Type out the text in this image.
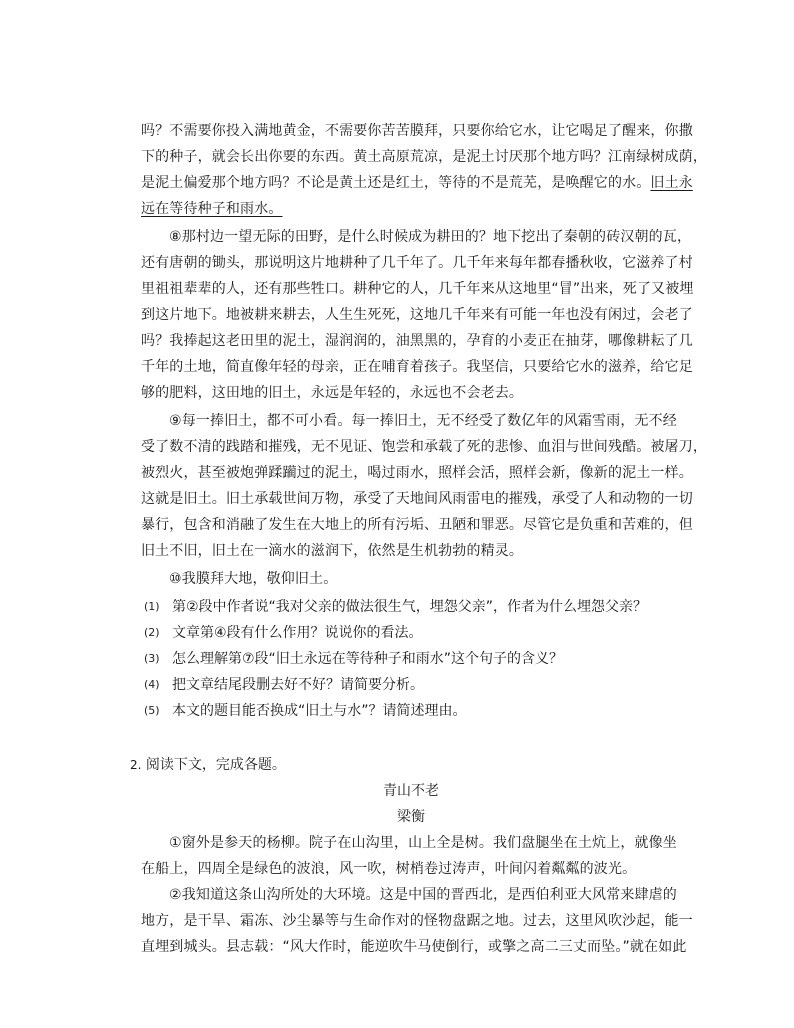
吗？不需要你投入满地黄金，不需要你苦苦膜拜，只要你给它水，让它喝足了醒来，你撒
下的种子，就会长出你要的东西。黄土高原荒凉，是泥土讨厌那个地方吗？江南绿树成荫，
是泥土偏爱那个地方吗？不论是黄土还是红土，等待的不是荒芜，是唤醒它的水。旧土永
远在等待种子和雨水。
⑧那村边一望无际的田野，是什么时候成为耕田的？地下挖出了秦朝的砖汉朝的瓦，
还有唐朝的锄头，那说明这片地耕种了几千年了。几千年来每年都春播秋收，它滋养了村
里祖祖辈辈的人，还有那些牲口。耕种它的人，几千年来从这地里“冒”出来，死了又被埋
到这片地下。地被耕来耕去，人生生死死，这地几千年来有可能一年也没有闲过，会老了
吗？我捧起这老田里的泥土，湿润润的，油黑黑的，孕育的小麦正在抽芽，哪像耕耘了几
千年的土地，简直像年轻的母亲，正在哺育着孩子。我坚信，只要给它水的滋养，给它足
够的肥料，这田地的旧土，永远是年轻的，永远也不会老去。
⑨每一捧旧土，都不可小看。每一捧旧土，无不经受了数亿年的风霜雪雨，无不经
受了数不清的践踏和摧残，无不见证、饱尝和承载了死的悲惨、血泪与世间残酷。被屠刀，
被烈火，甚至被炮弹蹂躏过的泥土，喝过雨水，照样会活，照样会新，像新的泥土一样。
这就是旧土。旧土承载世间万物，承受了天地间风雨雷电的摧残，承受了人和动物的一切
暴行，包含和消融了发生在大地上的所有污垢、丑陋和罪恶。尽管它是负重和苦难的，但
旧土不旧，旧土在一滴水的滋润下，依然是生机勃勃的精灵。
⑩我膜拜大地，敬仰旧土。
(1) 第②段中作者说“我对父亲的做法很生气，埋怨父亲”，作者为什么埋怨父亲？
(2) 文章第④段有什么作用？说说你的看法。
(3) 怎么理解第⑦段“旧土永远在等待种子和雨水”这个句子的含义？
(4) 把文章结尾段删去好不好？请简要分析。
(5) 本文的题目能否换成“旧土与水”？请简述理由。
2. 阅读下文，完成各题。
青山不老
梁衡
①窗外是参天的杨柳。院子在山沟里，山上全是树。我们盘腿坐在土炕上，就像坐
在船上，四周全是绿色的波浪，风一吹，树梢卷过涛声，叶间闪着粼粼的波光。
②我知道这条山沟所处的大环境。这是中国的晋西北，是西伯利亚大风常来肆虐的
地方，是干旱、霜冻、沙尘暴等与生命作对的怪物盘踞之地。过去，这里风吹沙起，能一
直埋到城头。县志载：“风大作时，能逆吹牛马使倒行，或擎之高二三丈而坠。”就在如此
